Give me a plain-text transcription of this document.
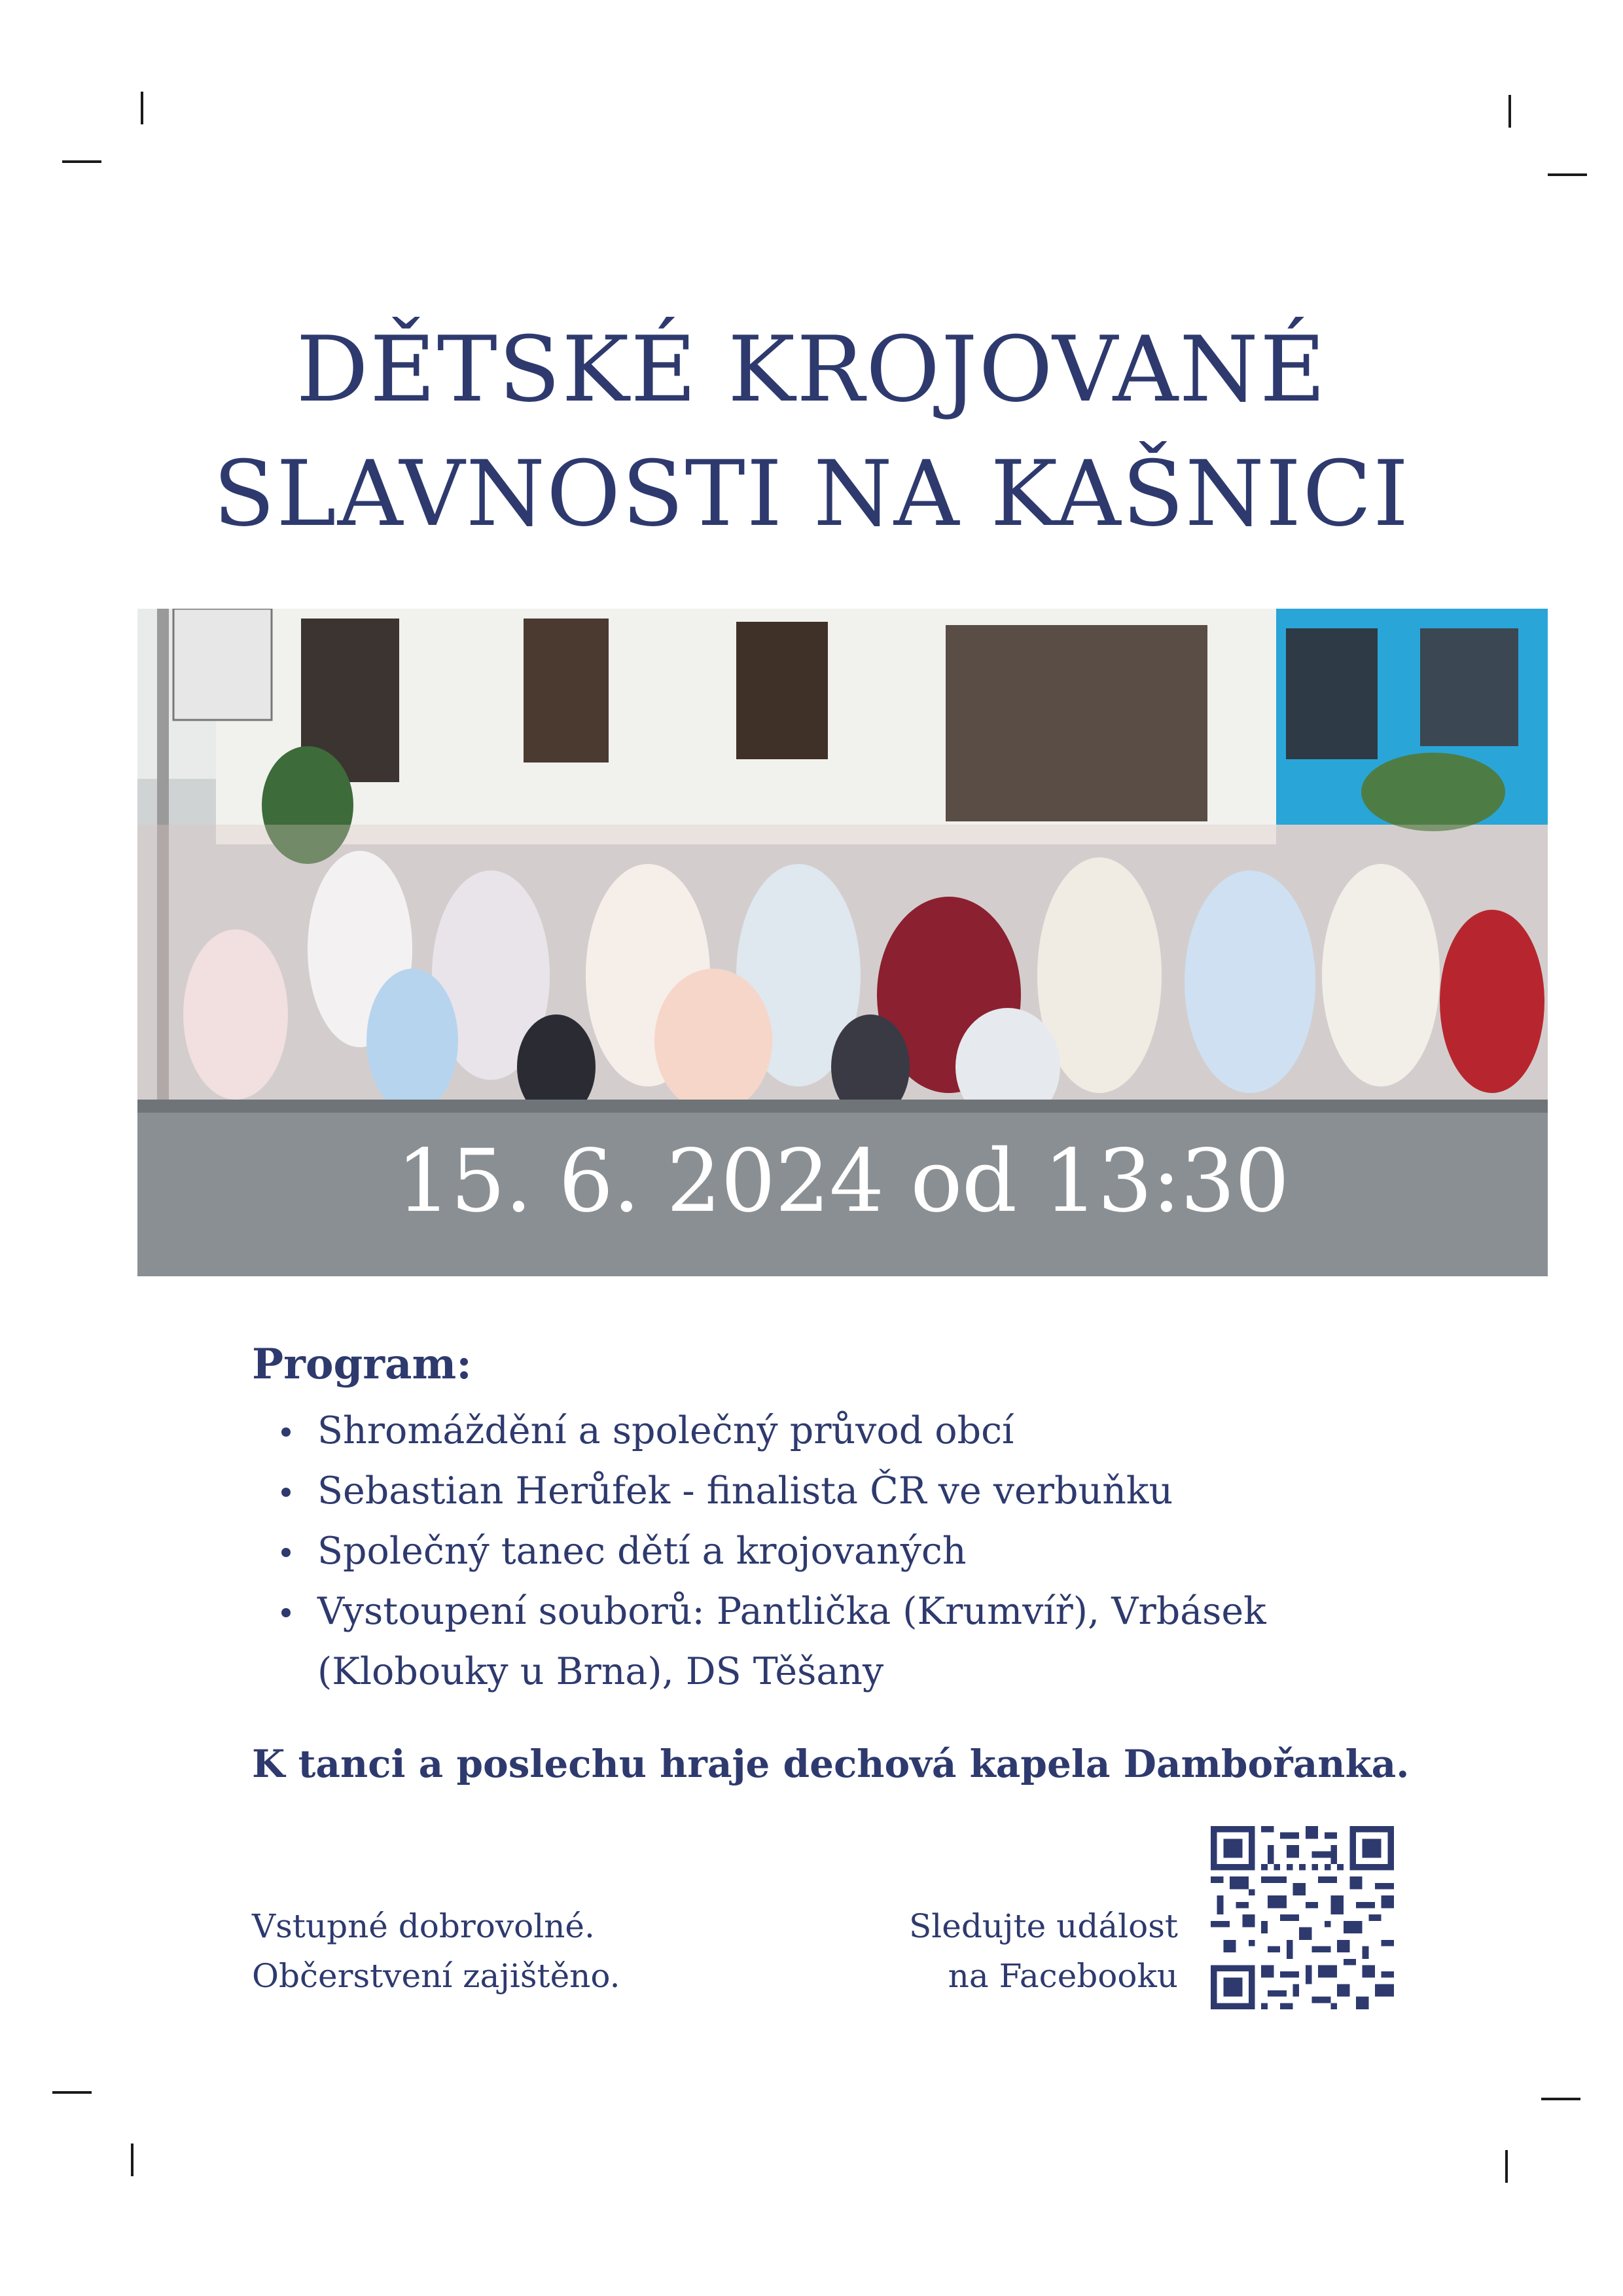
DĚTSKÉ KROJOVANÉ
SLAVNOSTI NA KAŠNICI
15. 6. 2024 od 13:30
Program:
Shromáždění a společný průvod obcí
Sebastian Herůfek - finalista ČR ve verbuňku
Společný tanec dětí a krojovaných
Vystoupení souborů: Pantlička (Krumvíř), Vrbásek (Klobouky u Brna), DS Těšany
K tanci a poslechu hraje dechová kapela Dambořanka.
Vstupné dobrovolné.
Občerstvení zajištěno.
Sledujte událost
na Facebooku
